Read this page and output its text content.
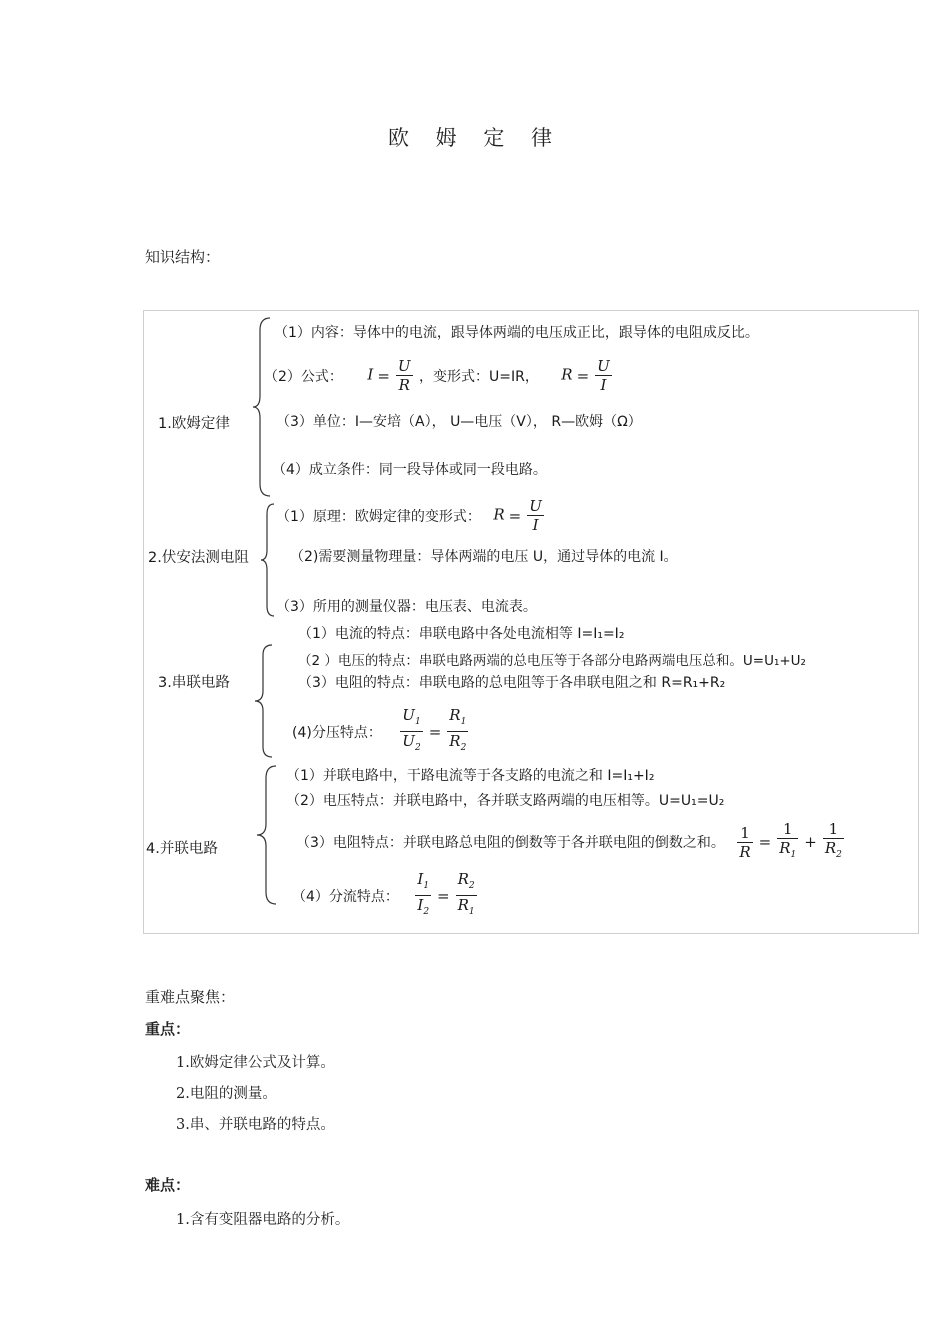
欧 姆 定 律
知识结构：
1.欧姆定律
（1）内容：导体中的电流，跟导体两端的电压成正比，跟导体的电阻成反比。
（2）公式： $I = \frac{U}{R}$ ，变形式：U=IR， $R = \frac{U}{I}$
（3）单位：I—安培（A）， U—电压（V）， R—欧姆（Ω）
（4）成立条件：同一段导体或同一段电路。
2.伏安法测电阻
（1）原理：欧姆定律的变形式： $R = \frac{U}{I}$
（2)需要测量物理量：导体两端的电压 U，通过导体的电流 I。
（3）所用的测量仪器：电压表、电流表。
3.串联电路
（1）电流的特点：串联电路中各处电流相等 I=I₁=I₂
（2 ）电压的特点：串联电路两端的总电压等于各部分电路两端电压总和。U=U₁+U₂
（3）电阻的特点：串联电路的总电阻等于各串联电阻之和 R=R₁+R₂
(4)分压特点： $\frac{U_1}{U_2} = \frac{R_1}{R_2}$
4.并联电路
（1）并联电路中，干路电流等于各支路的电流之和 I=I₁+I₂
（2）电压特点：并联电路中，各并联支路两端的电压相等。U=U₁=U₂
（3）电阻特点：并联电路总电阻的倒数等于各并联电阻的倒数之和。 $\frac{1}{R} = \frac{1}{R_1} + \frac{1}{R_2}$
（4）分流特点： $\frac{I_1}{I_2} = \frac{R_2}{R_1}$
重难点聚焦：
重点：
1.欧姆定律公式及计算。
2.电阻的测量。
3.串、并联电路的特点。
难点：
1.含有变阻器电路的分析。
